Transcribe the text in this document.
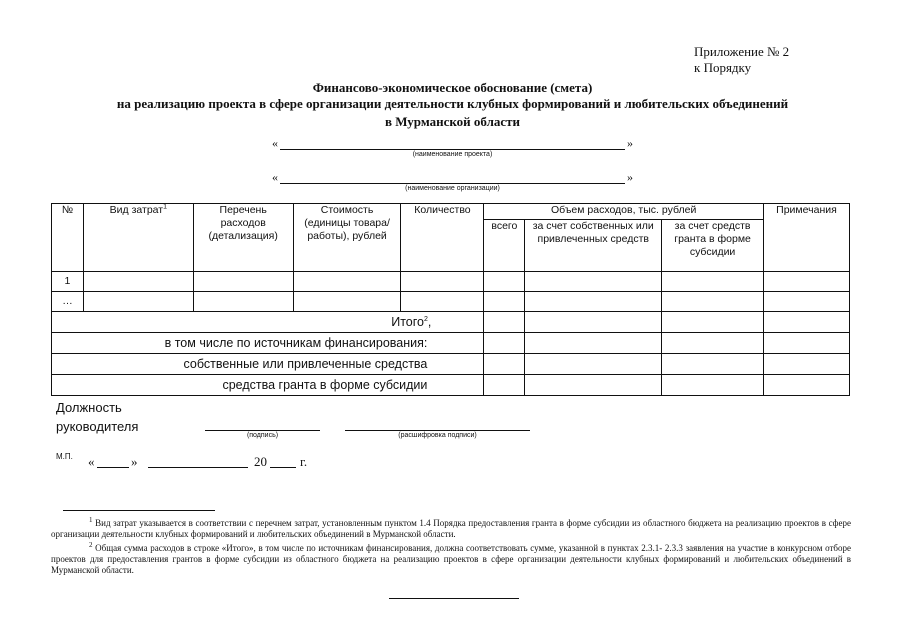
Приложение № 2
к Порядку
Финансово-экономическое обоснование (смета)
на реализацию проекта в сфере организации деятельности клубных формирований и любительских объединений
в Мурманской области
«	»
(наименование проекта)
«	»
(наименование организации)
№	Вид затрат$^1$	Перечень расходов (детализация)	Стоимость (единицы товара/работы), рублей	Количество	Объем расходов, тыс. рублей			Примечания
					всего	за счет собственных или привлеченных средств	за счет средств гранта в форме субсидии	
1								
…								
Итого$^2$,								
в том числе по источникам финансирования:								
собственные или привлеченные средства								
средства гранта в форме субсидии								
Должность
руководителя
(подпись)	(расшифровка подписи)
М.П. «	»	20	г.
$^1$ Вид затрат указывается в соответствии с перечнем затрат, установленным пунктом 1.4 Порядка предоставления гранта в форме субсидии из областного бюджета на реализацию проектов в сфере организации деятельности клубных формирований и любительских объединений в Мурманской области.
$^2$ Общая сумма расходов в строке «Итого», в том числе по источникам финансирования, должна соответствовать сумме, указанной в пунктах 2.3.1- 2.3.3 заявления на участие в конкурсном отборе проектов для предоставления грантов в форме субсидии из областного бюджета на реализацию проектов в сфере организации деятельности клубных формирований и любительских объединений в Мурманской области.
